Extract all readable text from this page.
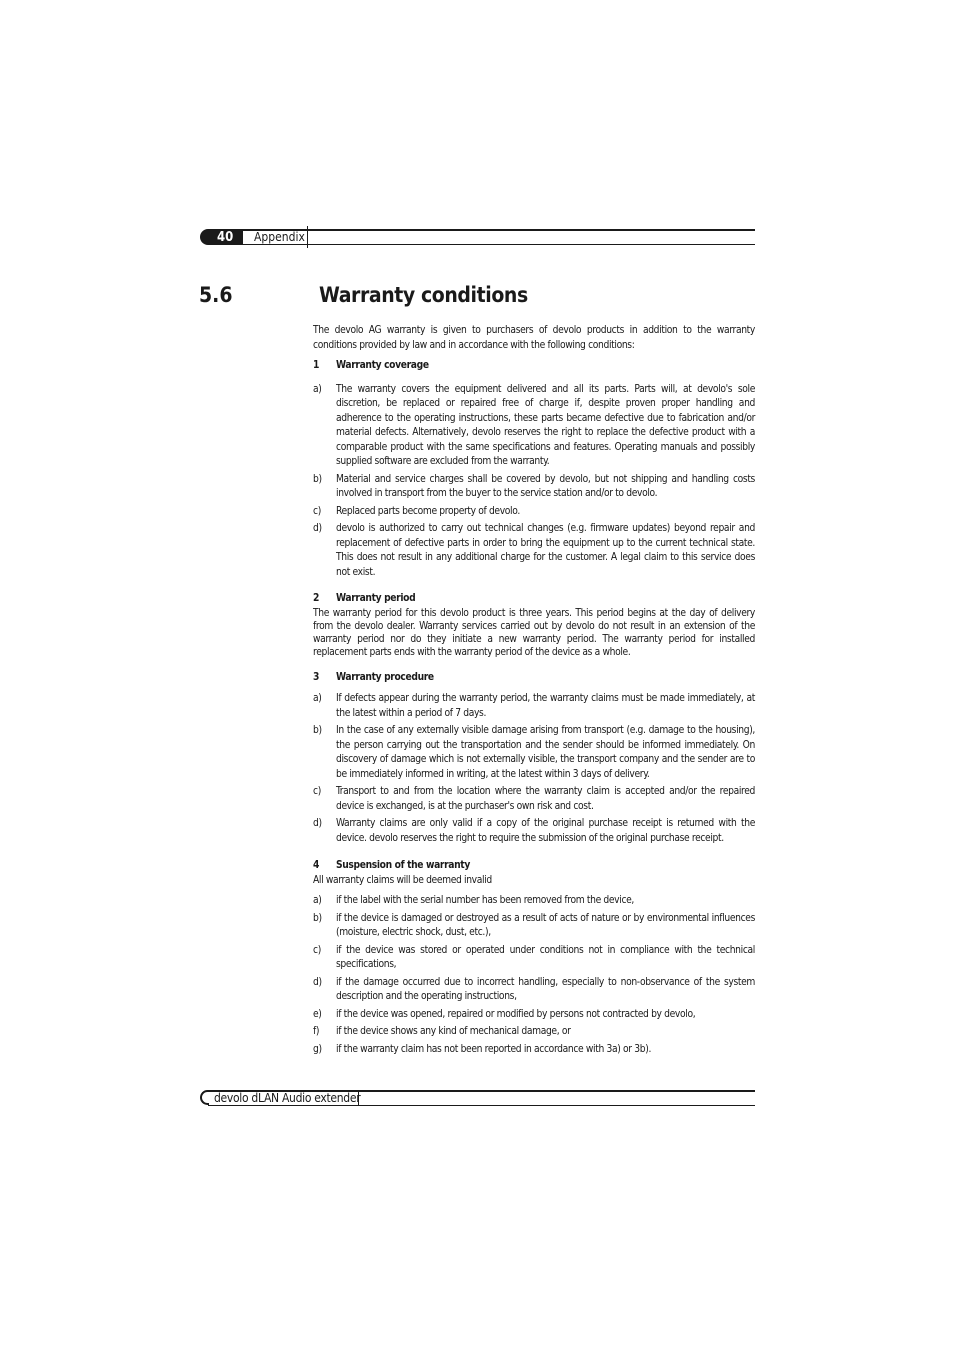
40 Appendix
5.6	Warranty conditions

The devolo AG warranty is given to purchasers of devolo products in addition to the warranty conditions provided by law and in accordance with the following conditions:

1	Warranty coverage
a)	The warranty covers the equipment delivered and all its parts. Parts will, at devolo's sole discretion, be replaced or repaired free of charge if, despite proven proper handling and adherence to the operating instructions, these parts became defective due to fabrication and/or material defects. Alternatively, devolo reserves the right to replace the defective product with a comparable product with the same specifications and features. Operating manuals and possibly supplied software are excluded from the warranty.
b)	Material and service charges shall be covered by devolo, but not shipping and handling costs involved in transport from the buyer to the service station and/or to devolo.
c)	Replaced parts become property of devolo.
d)	devolo is authorized to carry out technical changes (e.g. firmware updates) beyond repair and replacement of defective parts in order to bring the equipment up to the current technical state. This does not result in any additional charge for the customer. A legal claim to this service does not exist.
2	Warranty period

The warranty period for this devolo product is three years. This period begins at the day of delivery from the devolo dealer. Warranty services carried out by devolo do not result in an extension of the warranty period nor do they initiate a new warranty period. The warranty period for installed replacement parts ends with the warranty period of the device as a whole.

3	Warranty procedure
a)	If defects appear during the warranty period, the warranty claims must be made immediately, at the latest within a period of 7 days.
b)	In the case of any externally visible damage arising from transport (e.g. damage to the housing), the person carrying out the transportation and the sender should be informed immediately. On discovery of damage which is not externally visible, the transport company and the sender are to be immediately informed in writing, at the latest within 3 days of delivery.
c)	Transport to and from the location where the warranty claim is accepted and/or the repaired device is exchanged, is at the purchaser's own risk and cost.
d)	Warranty claims are only valid if a copy of the original purchase receipt is returned with the device. devolo reserves the right to require the submission of the original purchase receipt.
4	Suspension of the warranty

All warranty claims will be deemed invalid

a)	if the label with the serial number has been removed from the device,
b)	if the device is damaged or destroyed as a result of acts of nature or by environmental influences (moisture, electric shock, dust, etc.),
c)	if the device was stored or operated under conditions not in compliance with the technical specifications,
d)	if the damage occurred due to incorrect handling, especially to non-observance of the system description and the operating instructions,
e)	if the device was opened, repaired or modified by persons not contracted by devolo,
f)	if the device shows any kind of mechanical damage, or
g)	if the warranty claim has not been reported in accordance with 3a) or 3b).
devolo dLAN Audio extender
